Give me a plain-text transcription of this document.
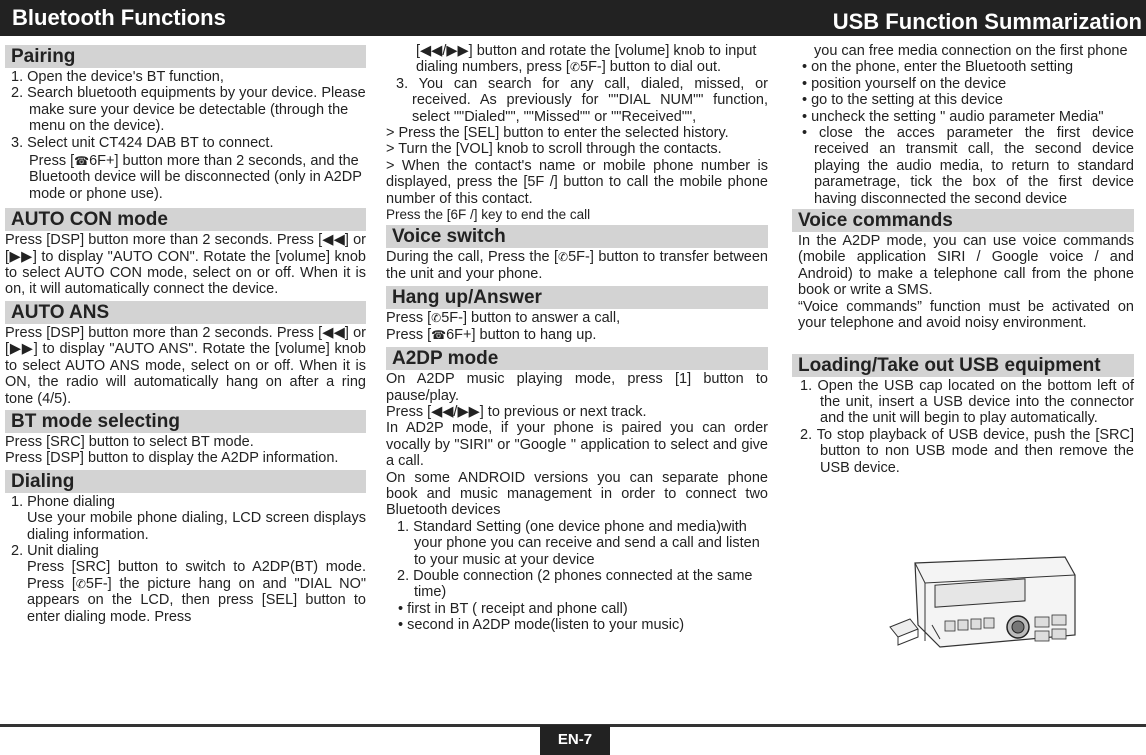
Bluetooth Functions	USB Function Summarization
Pairing
1. Open the device's BT function,
2. Search bluetooth equipments by your device. Please make sure your device be detectable (through the menu on the device).
3. Select unit CT424 DAB BT to connect.
Press [☎6F+] button more than 2 seconds, and the Bluetooth device will be disconnected (only in A2DP mode or phone use).
AUTO CON mode
Press [DSP] button more than 2 seconds. Press [◀◀] or [▶▶] to display "AUTO CON". Rotate the [volume] knob to select AUTO CON mode, select on or off. When it is on, it will automatically connect the device.
AUTO ANS
Press [DSP] button more than 2 seconds. Press [◀◀] or [▶▶] to display "AUTO ANS". Rotate the [volume] knob to select AUTO ANS mode, select on or off. When it is ON, the radio will automatically hang on after a ring tone (4/5).
BT mode selecting
Press [SRC] button to select BT mode.
Press [DSP] button to display the A2DP information.
Dialing
1. Phone dialing
Use your mobile phone dialing, LCD screen displays dialing information.
2. Unit dialing
Press [SRC] button to switch to A2DP(BT) mode. Press [✆5F-] the picture hang on and "DIAL NO" appears on the LCD, then press [SEL] button to enter dialing mode. Press
[◀◀/▶▶] button and rotate the [volume] knob to input dialing numbers, press [✆5F-] button to dial out.
3. You can search for any call, dialed, missed, or received. As previously for ""DIAL NUM"" function, select ""Dialed"", ""Missed"" or ""Received"",
> Press the [SEL] button to enter the selected history.
> Turn the [VOL] knob to scroll through the contacts.
> When the contact's name or mobile phone number is displayed, press the [5F /] button to call the mobile phone number of this contact.
Press the [6F /] key to end the call
Voice switch
During the call, Press the [✆5F-] button to transfer between the unit and your phone.
Hang up/Answer
Press [✆5F-] button to answer a call,
Press [☎6F+] button to hang up.
A2DP mode
On A2DP music playing mode, press [1] button to pause/play.
Press [◀◀/▶▶] to previous or next track.
In AD2P mode, if your phone is paired you can order vocally by "SIRI" or "Google " application to select and give a call.
On some ANDROID versions you can separate phone book and music management in order to connect two Bluetooth devices
1. Standard Setting (one device phone and media)with your phone you can receive and send a call and listen to your music at your device
2. Double connection (2 phones connected at the same time)
• first in BT ( receipt and phone call)
• second in A2DP mode(listen to your music)
you can free media connection on the first phone
• on the phone, enter the Bluetooth setting
• position yourself on the device
• go to the setting at this device
• uncheck the setting " audio parameter Media"
• close the acces parameter the first device received an transmit call, the second device playing the audio media, to return to standard parametrage, tick the box of the first device having disconnected the second device
Voice commands
In the A2DP mode, you can use voice commands (mobile application SIRI / Google voice / and Android) to make a telephone call from the phone book or write a SMS.
“Voice commands” function must be activated on your telephone and avoid noisy environment.
Loading/Take out USB equipment
1. Open the USB cap located on the bottom left of the unit, insert a USB device into the connector and the unit will begin to play automatically.
2. To stop playback of USB device, push the [SRC] button to non USB mode and then remove the USB device.
EN-7
